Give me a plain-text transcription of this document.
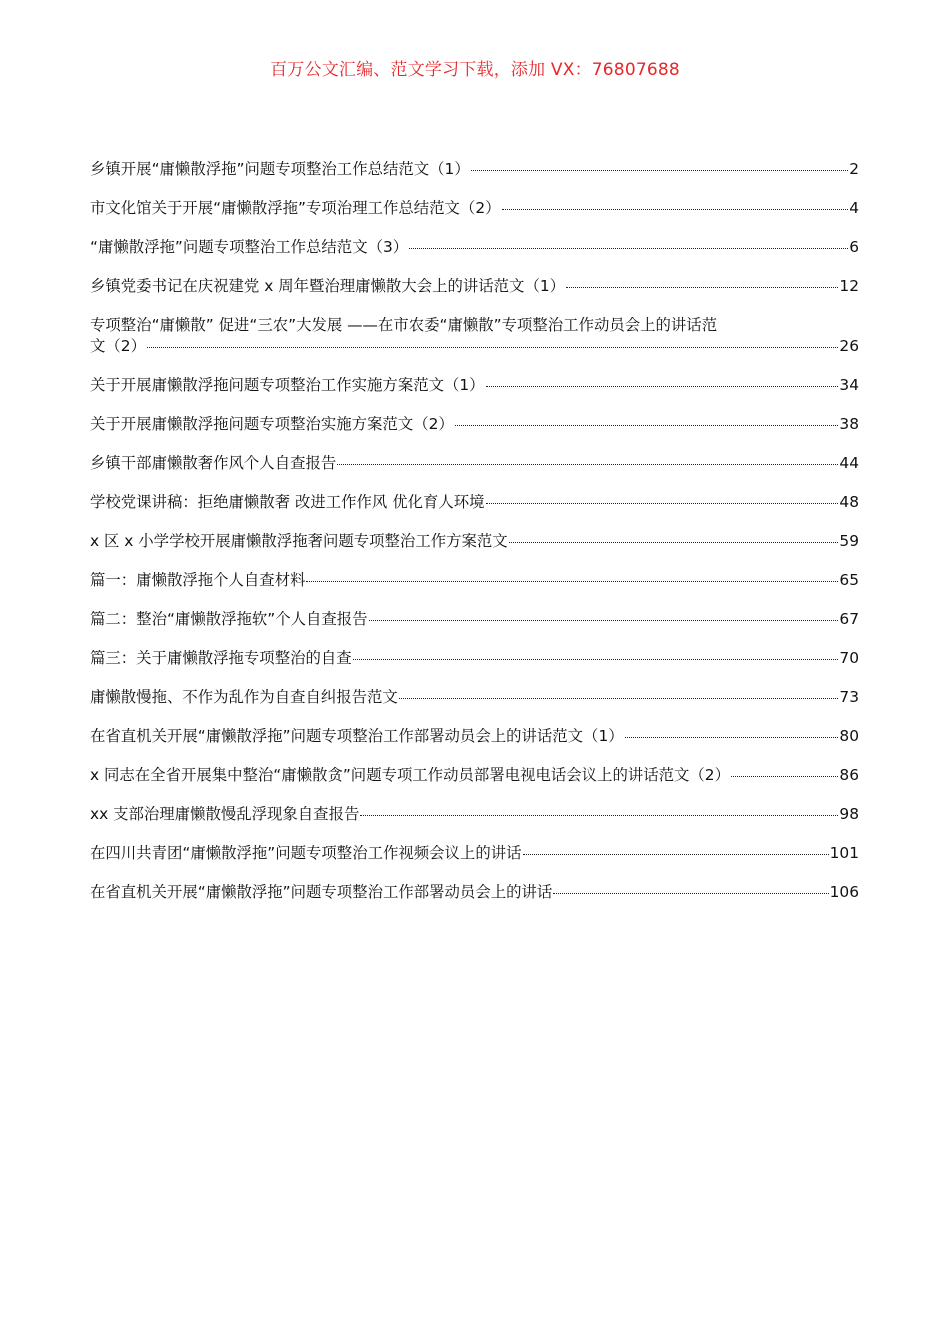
百万公文汇编、范文学习下载，添加 VX：76807688
乡镇开展“庸懒散浮拖”问题专项整治工作总结范文（1）	2
市文化馆关于开展“庸懒散浮拖”专项治理工作总结范文（2）	4
“庸懒散浮拖”问题专项整治工作总结范文（3）	6
乡镇党委书记在庆祝建党 x 周年暨治理庸懒散大会上的讲话范文（1）	12
专项整治“庸懒散” 促进“三农”大发展 ——在市农委“庸懒散”专项整治工作动员会上的讲话范
文（2）	26
关于开展庸懒散浮拖问题专项整治工作实施方案范文（1）	34
关于开展庸懒散浮拖问题专项整治实施方案范文（2）	38
乡镇干部庸懒散奢作风个人自查报告	44
学校党课讲稿：拒绝庸懒散奢 改进工作作风 优化育人环境	48
x 区 x 小学学校开展庸懒散浮拖奢问题专项整治工作方案范文	59
篇一：庸懒散浮拖个人自查材料	65
篇二：整治“庸懒散浮拖软”个人自查报告	67
篇三：关于庸懒散浮拖专项整治的自查	70
庸懒散慢拖、不作为乱作为自查自纠报告范文	73
在省直机关开展“庸懒散浮拖”问题专项整治工作部署动员会上的讲话范文（1）	80
x 同志在全省开展集中整治“庸懒散贪”问题专项工作动员部署电视电话会议上的讲话范文（2）	86
xx 支部治理庸懒散慢乱浮现象自查报告	98
在四川共青团“庸懒散浮拖”问题专项整治工作视频会议上的讲话	101
在省直机关开展“庸懒散浮拖”问题专项整治工作部署动员会上的讲话	106
